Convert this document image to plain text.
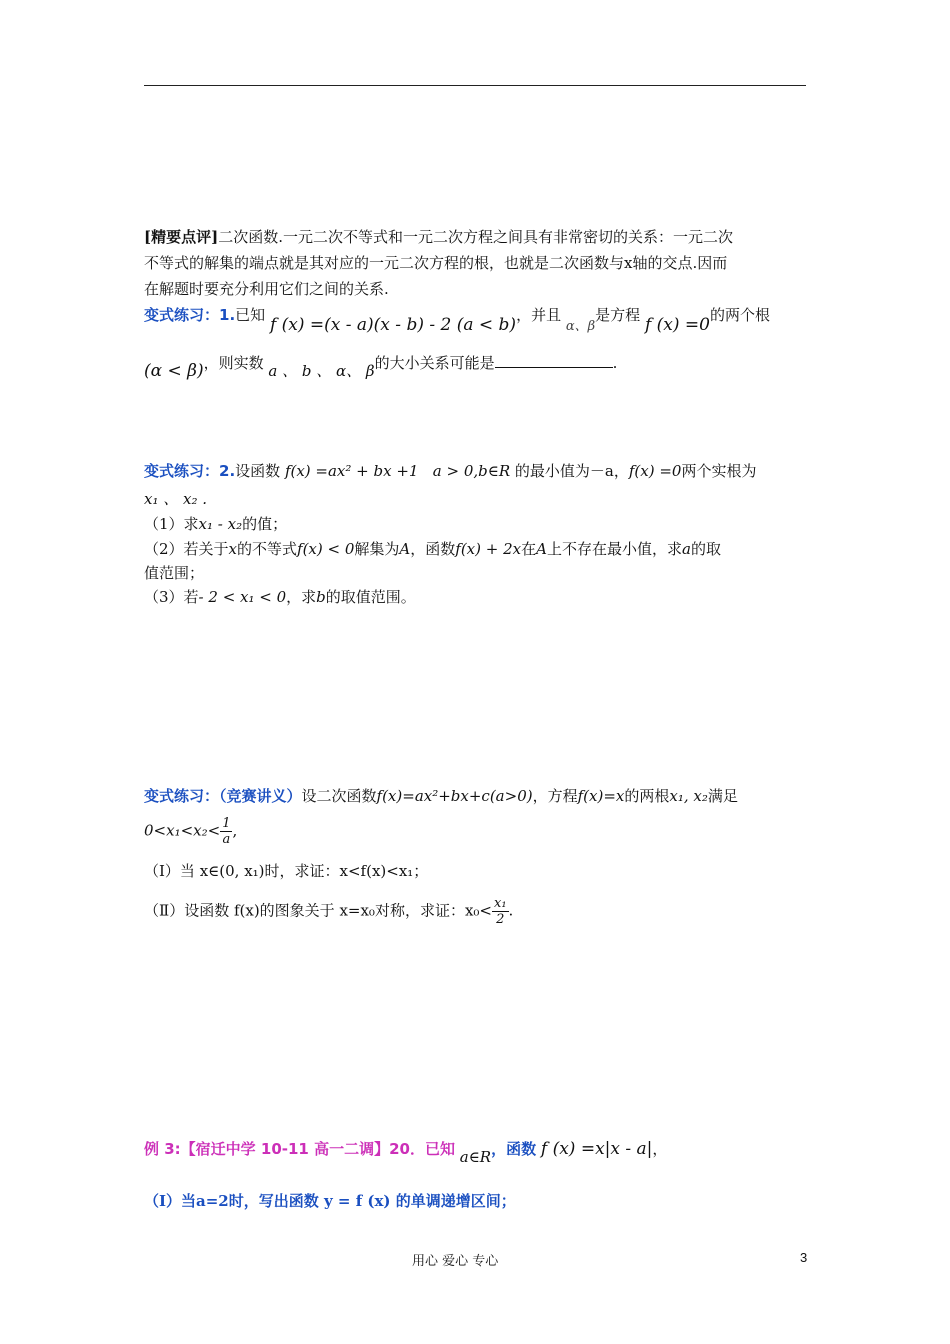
[精要点评]二次函数.一元二次不等式和一元二次方程之间具有非常密切的关系：一元二次
不等式的解集的端点就是其对应的一元二次方程的根，也就是二次函数与x轴的交点.因而
在解题时要充分利用它们之间的关系.
变式练习：1.已知 f (x) =(x - a)(x - b) - 2 (a < b)，并且 α、β是方程 f (x) =0的两个根
(α < β)，则实数 a 、 b 、 α、 β的大小关系可能是	.
变式练习：2.设函数 f(x) =ax² + bx +1 a > 0,b∈R 的最小值为－a，f(x) =0两个实根为
x₁ 、 x₂ .
（1）求x₁ - x₂的值；
（2）若关于x的不等式f(x) < 0解集为A，函数f(x) + 2x在A上不存在最小值，求a的取
值范围；
（3）若- 2 < x₁ < 0，求b的取值范围。
变式练习：（竞赛讲义）设二次函数f(x)=ax²+bx+c(a>0)，方程f(x)=x的两根x₁, x₂满足
$0<x_1<x_2< \frac{1}{a}$ ,
（Ⅰ）当 x∈(0, x₁)时，求证：x<f(x)<x₁；
（Ⅱ）设函数 f(x)的图象关于 x=x₀对称，求证：$x_0< \frac{\text{x₁}}{2}$ .
例 3:【宿迁中学 10-11 高一二调】20．已知 a∈R，函数 f (x) =x|x - a|，
（Ⅰ）当a=2时，写出函数 y = f (x) 的单调递增区间；
用心 爱心 专心	3
